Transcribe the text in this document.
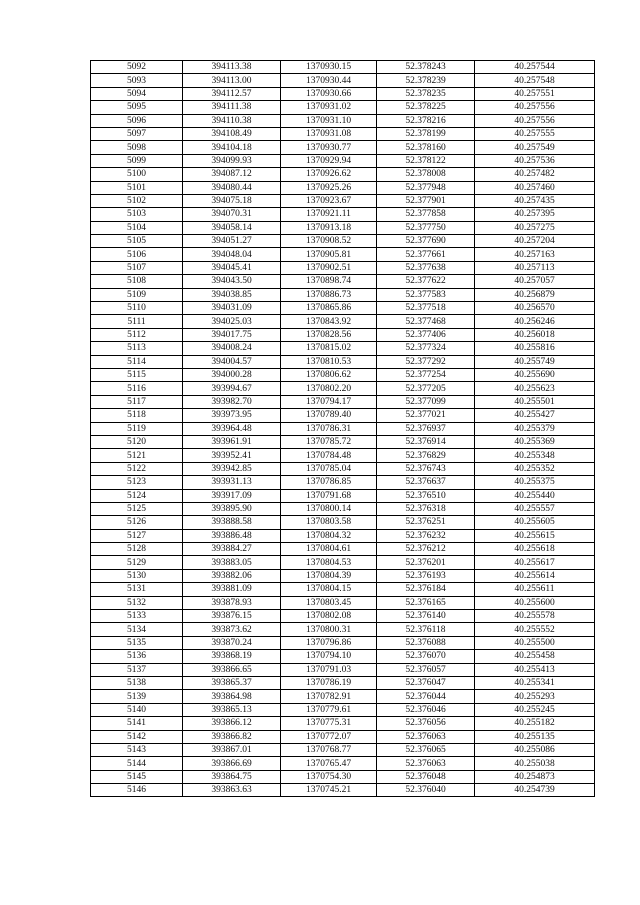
5092	394113.38	1370930.15	52.378243	40.257544
5093	394113.00	1370930.44	52.378239	40.257548
5094	394112.57	1370930.66	52.378235	40.257551
5095	394111.38	1370931.02	52.378225	40.257556
5096	394110.38	1370931.10	52.378216	40.257556
5097	394108.49	1370931.08	52.378199	40.257555
5098	394104.18	1370930.77	52.378160	40.257549
5099	394099.93	1370929.94	52.378122	40.257536
5100	394087.12	1370926.62	52.378008	40.257482
5101	394080.44	1370925.26	52.377948	40.257460
5102	394075.18	1370923.67	52.377901	40.257435
5103	394070.31	1370921.11	52.377858	40.257395
5104	394058.14	1370913.18	52.377750	40.257275
5105	394051.27	1370908.52	52.377690	40.257204
5106	394048.04	1370905.81	52.377661	40.257163
5107	394045.41	1370902.51	52.377638	40.257113
5108	394043.50	1370898.74	52.377622	40.257057
5109	394038.85	1370886.73	52.377583	40.256879
5110	394031.09	1370865.86	52.377518	40.256570
5111	394025.03	1370843.92	52.377468	40.256246
5112	394017.75	1370828.56	52.377406	40.256018
5113	394008.24	1370815.02	52.377324	40.255816
5114	394004.57	1370810.53	52.377292	40.255749
5115	394000.28	1370806.62	52.377254	40.255690
5116	393994.67	1370802.20	52.377205	40.255623
5117	393982.70	1370794.17	52.377099	40.255501
5118	393973.95	1370789.40	52.377021	40.255427
5119	393964.48	1370786.31	52.376937	40.255379
5120	393961.91	1370785.72	52.376914	40.255369
5121	393952.41	1370784.48	52.376829	40.255348
5122	393942.85	1370785.04	52.376743	40.255352
5123	393931.13	1370786.85	52.376637	40.255375
5124	393917.09	1370791.68	52.376510	40.255440
5125	393895.90	1370800.14	52.376318	40.255557
5126	393888.58	1370803.58	52.376251	40.255605
5127	393886.48	1370804.32	52.376232	40.255615
5128	393884.27	1370804.61	52.376212	40.255618
5129	393883.05	1370804.53	52.376201	40.255617
5130	393882.06	1370804.39	52.376193	40.255614
5131	393881.09	1370804.15	52.376184	40.255611
5132	393878.93	1370803.45	52.376165	40.255600
5133	393876.15	1370802.08	52.376140	40.255578
5134	393873.62	1370800.31	52.376118	40.255552
5135	393870.24	1370796.86	52.376088	40.255500
5136	393868.19	1370794.10	52.376070	40.255458
5137	393866.65	1370791.03	52.376057	40.255413
5138	393865.37	1370786.19	52.376047	40.255341
5139	393864.98	1370782.91	52.376044	40.255293
5140	393865.13	1370779.61	52.376046	40.255245
5141	393866.12	1370775.31	52.376056	40.255182
5142	393866.82	1370772.07	52.376063	40.255135
5143	393867.01	1370768.77	52.376065	40.255086
5144	393866.69	1370765.47	52.376063	40.255038
5145	393864.75	1370754.30	52.376048	40.254873
5146	393863.63	1370745.21	52.376040	40.254739
